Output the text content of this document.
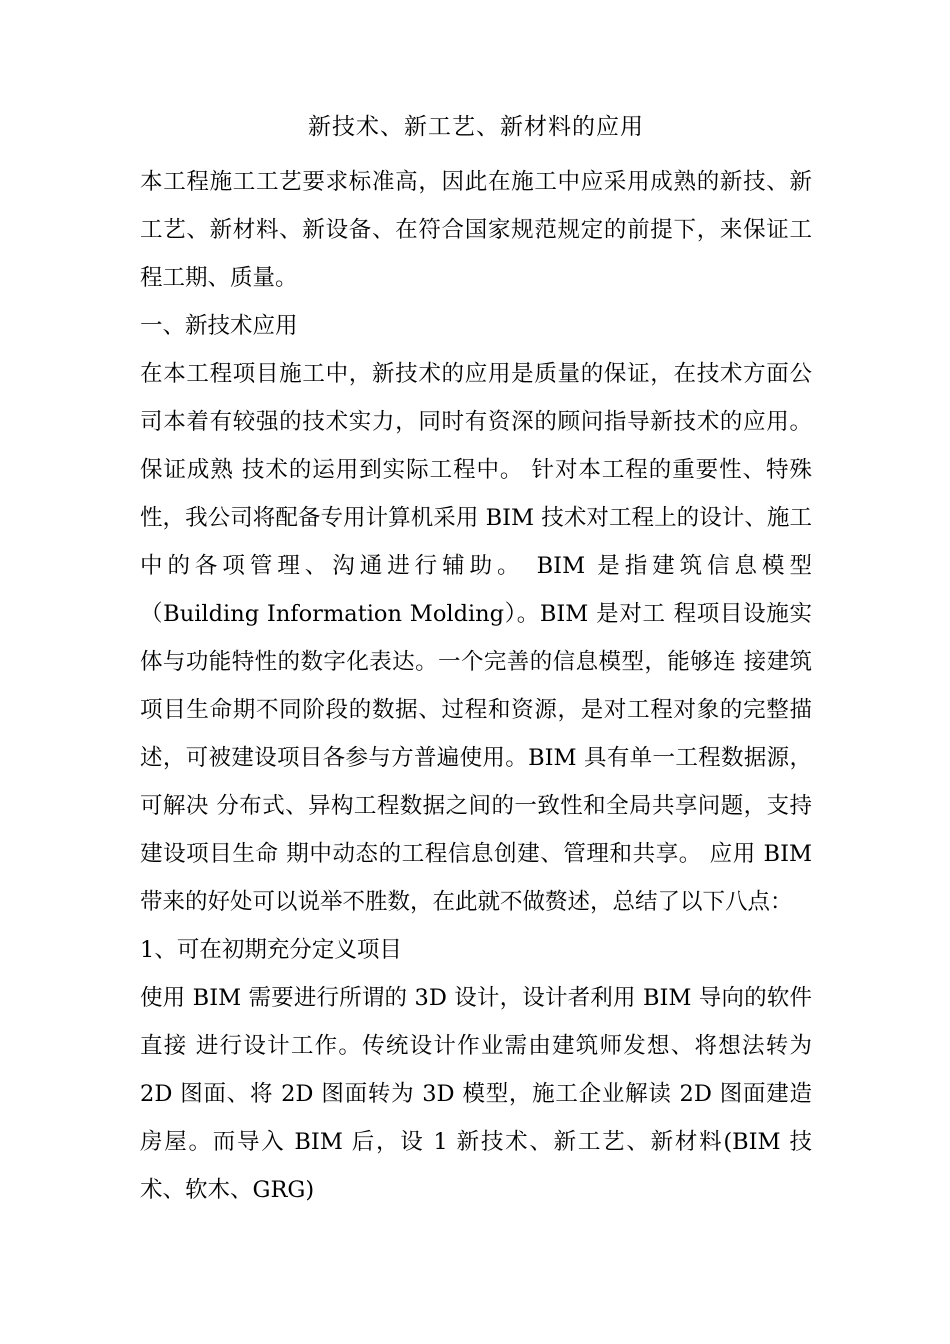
新技术、新工艺、新材料的应用

本工程施工工艺要求标准高，因此在施工中应采用成熟的新技、新工艺、新材料、新设备、在符合国家规范规定的前提下，来保证工程工期、质量。

一、新技术应用

在本工程项目施工中，新技术的应用是质量的保证，在技术方面公司本着有较强的技术实力，同时有资深的顾问指导新技术的应用。保证成熟 技术的运用到实际工程中。 针对本工程的重要性、特殊性，我公司将配备专用计算机采用 BIM 技术对工程上的设计、施工中的各项管理、沟通进行辅助。 BIM 是指建筑信息模型（Building Information Molding）。BIM 是对工 程项目设施实体与功能特性的数字化表达。一个完善的信息模型，能够连 接建筑项目生命期不同阶段的数据、过程和资源，是对工程对象的完整描 述，可被建设项目各参与方普遍使用。BIM 具有单一工程数据源，可解决 分布式、异构工程数据之间的一致性和全局共享问题，支持建设项目生命 期中动态的工程信息创建、管理和共享。 应用 BIM 带来的好处可以说举不胜数，在此就不做赘述，总结了以下八点：

1、可在初期充分定义项目

使用 BIM 需要进行所谓的 3D 设计，设计者利用 BIM 导向的软件直接 进行设计工作。传统设计作业需由建筑师发想、将想法转为 2D 图面、将 2D 图面转为 3D 模型，施工企业解读 2D 图面建造房屋。而导入 BIM 后，设 1 新技术、新工艺、新材料(BIM 技术、软木、GRG)
